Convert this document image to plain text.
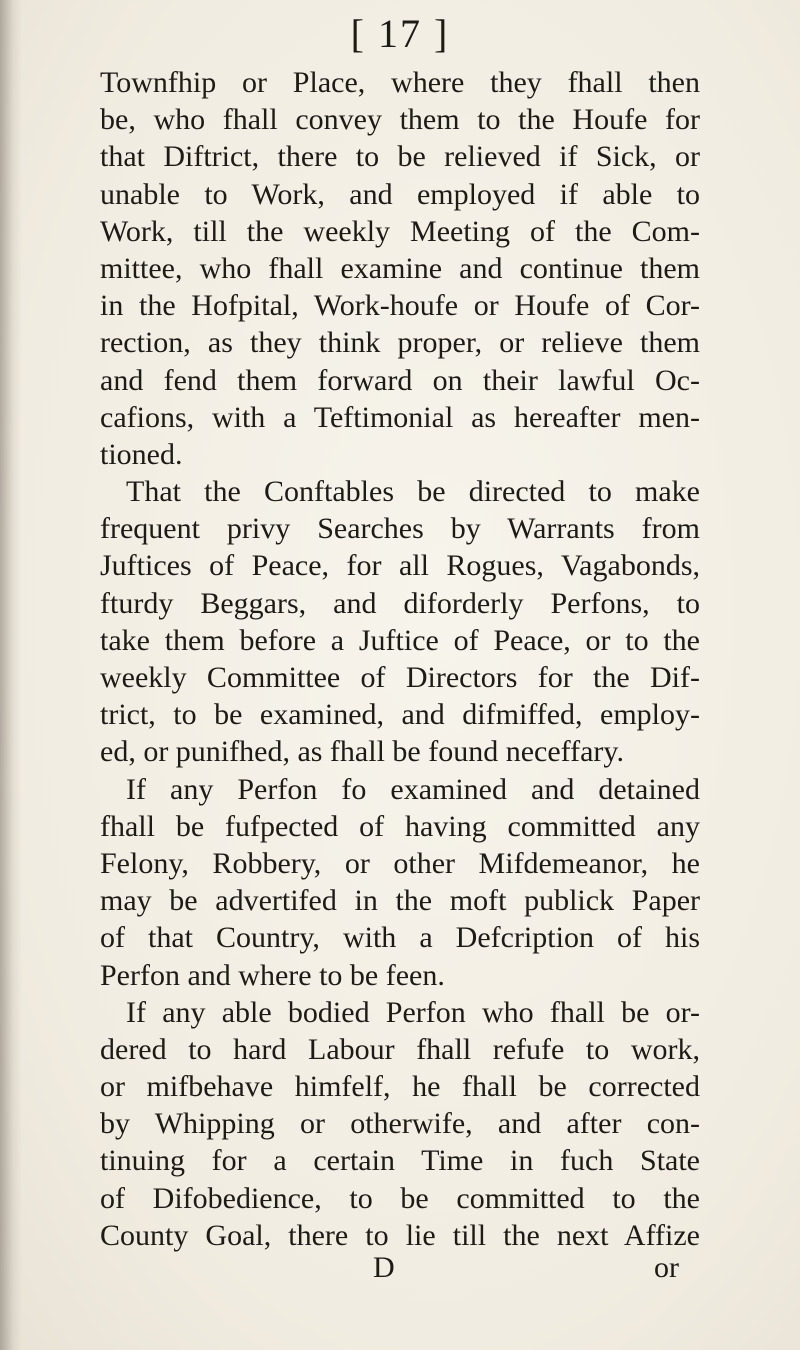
[ 17 ]
Townfhip or Place, where they fhall then
be, who fhall convey them to the Houfe for
that Diftrict, there to be relieved if Sick, or
unable to Work, and employed if able to
Work, till the weekly Meeting of the Com-
mittee, who fhall examine and continue them
in the Hofpital, Work-houfe or Houfe of Cor-
rection, as they think proper, or relieve them
and fend them forward on their lawful Oc-
cafions, with a Teftimonial as hereafter men-
tioned.
That the Conftables be directed to make
frequent privy Searches by Warrants from
Juftices of Peace, for all Rogues, Vagabonds,
fturdy Beggars, and diforderly Perfons, to
take them before a Juftice of Peace, or to the
weekly Committee of Directors for the Dif-
trict, to be examined, and difmiffed, employ-
ed, or punifhed, as fhall be found neceffary.
If any Perfon fo examined and detained
fhall be fufpected of having committed any
Felony, Robbery, or other Mifdemeanor, he
may be advertifed in the moft publick Paper
of that Country, with a Defcription of his
Perfon and where to be feen.
If any able bodied Perfon who fhall be or-
dered to hard Labour fhall refufe to work,
or mifbehave himfelf, he fhall be corrected
by Whipping or otherwife, and after con-
tinuing for a certain Time in fuch State
of Difobedience, to be committed to the
County Goal, there to lie till the next Affize
D	or
